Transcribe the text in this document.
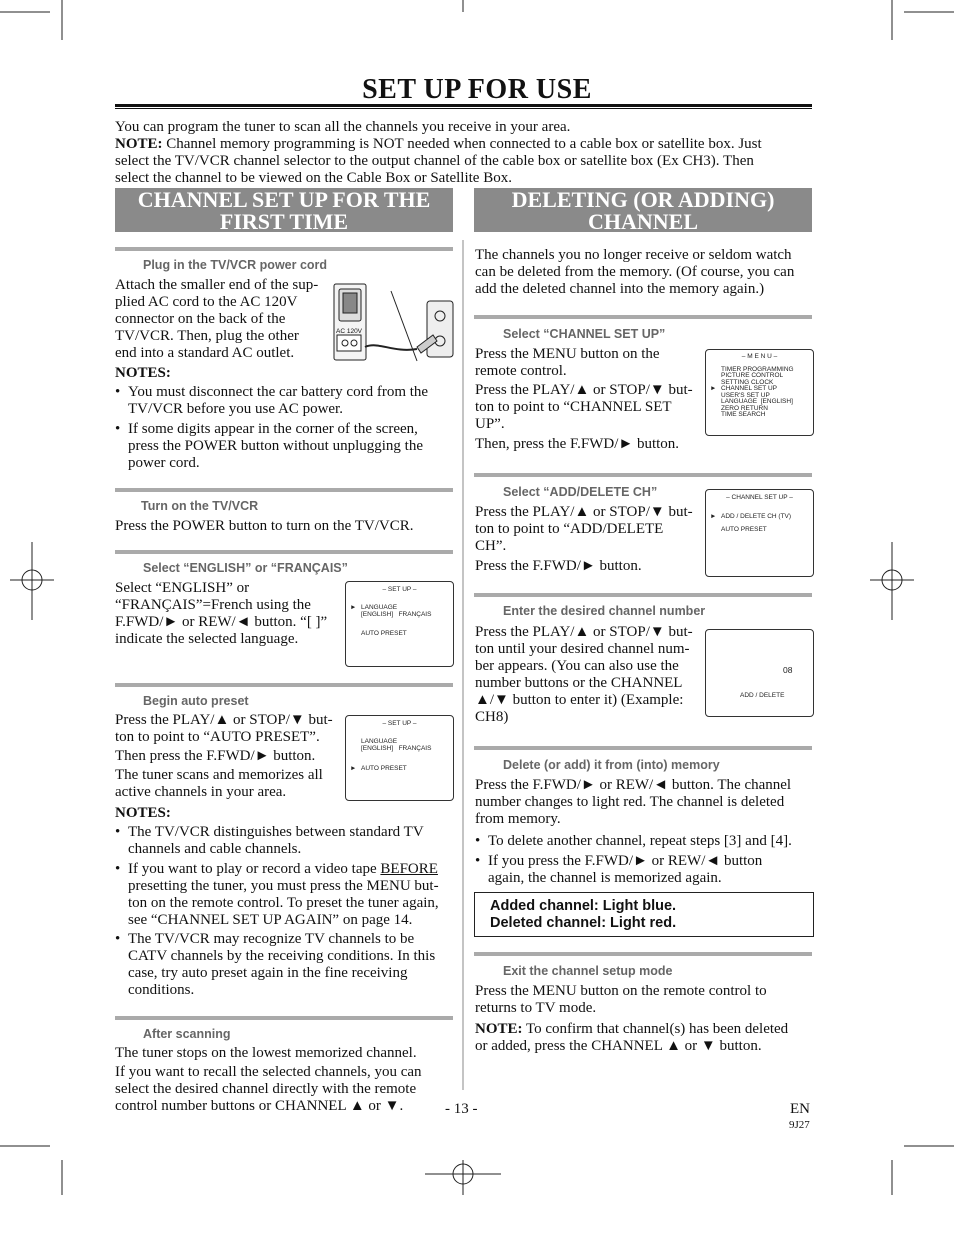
SET UP FOR USE
You can program the tuner to scan all the channels you receive in your area.
NOTE: Channel memory programming is NOT needed when connected to a cable box or satellite box. Just
select the TV/VCR channel selector to the output channel of the cable box or satellite box (Ex CH3). Then
select the channel to be viewed on the Cable Box or Satellite Box.
CHANNEL SET UP FOR THE
FIRST TIME
DELETING (OR ADDING)
CHANNEL
Plug in the TV/VCR power cord
Attach the smaller end of the sup-
plied AC cord to the AC 120V
connector on the back of the
TV/VCR. Then, plug the other
end into a standard AC outlet.
AC 120V
NOTES:
• You must disconnect the car battery cord from the
TV/VCR before you use AC power.
• If some digits appear in the corner of the screen,
press the POWER button without unplugging the
power cord.
Turn on the TV/VCR
Press the POWER button to turn on the TV/VCR.
Select “ENGLISH” or “FRANÇAIS”
Select “ENGLISH” or
“FRANÇAIS”=French using the
F.FWD/► or REW/◄ button. “[ ]”
indicate the selected language.
– SET UP –
► LANGUAGE
[ENGLISH]   FRANÇAIS
AUTO PRESET
Begin auto preset
Press the PLAY/▲ or STOP/▼ but-
ton to point to “AUTO PRESET”.
Then press the F.FWD/► button.
The tuner scans and memorizes all
active channels in your area.
– SET UP –
LANGUAGE
[ENGLISH]   FRANÇAIS
► AUTO PRESET
NOTES:
• The TV/VCR distinguishes between standard TV
channels and cable channels.
• If you want to play or record a video tape BEFORE
presetting the tuner, you must press the MENU but-
ton on the remote control. To preset the tuner again,
see “CHANNEL SET UP AGAIN” on page 14.
• The TV/VCR may recognize TV channels to be
CATV channels by the receiving conditions. In this
case, try auto preset again in the fine receiving
conditions.
After scanning
The tuner stops on the lowest memorized channel.
If you want to recall the selected channels, you can
select the desired channel directly with the remote
control number buttons or CHANNEL ▲ or ▼.
The channels you no longer receive or seldom watch
can be deleted from the memory. (Of course, you can
add the deleted channel into the memory again.)
Select “CHANNEL SET UP”
Press the MENU button on the
remote control.
Press the PLAY/▲ or STOP/▼ but-
ton to point to “CHANNEL SET
UP”.
Then, press the F.FWD/► button.
– M E N U –
TIMER PROGRAMMING
PICTURE CONTROL
SETTING CLOCK
► CHANNEL SET UP
USER'S SET UP
LANGUAGE  [ENGLISH]
ZERO RETURN
TIME SEARCH
Select “ADD/DELETE CH”
Press the PLAY/▲ or STOP/▼ but-
ton to point to “ADD/DELETE
CH”.
Press the F.FWD/► button.
– CHANNEL SET UP –
► ADD / DELETE CH (TV)
AUTO PRESET
Enter the desired channel number
Press the PLAY/▲ or STOP/▼ but-
ton until your desired channel num-
ber appears. (You can also use the
number buttons or the CHANNEL
▲/▼ button to enter it) (Example:
CH8)
08
ADD / DELETE
Delete (or add) it from (into) memory
Press the F.FWD/► or REW/◄ button. The channel
number changes to light red. The channel is deleted
from memory.
• To delete another channel, repeat steps [3] and [4].
• If you press the F.FWD/► or REW/◄ button
again, the channel is memorized again.
Added channel: Light blue.
Deleted channel: Light red.
Exit the channel setup mode
Press the MENU button on the remote control to
returns to TV mode.
NOTE: To confirm that channel(s) has been deleted
or added, press the CHANNEL ▲ or ▼ button.
- 13 -	EN
9J27
